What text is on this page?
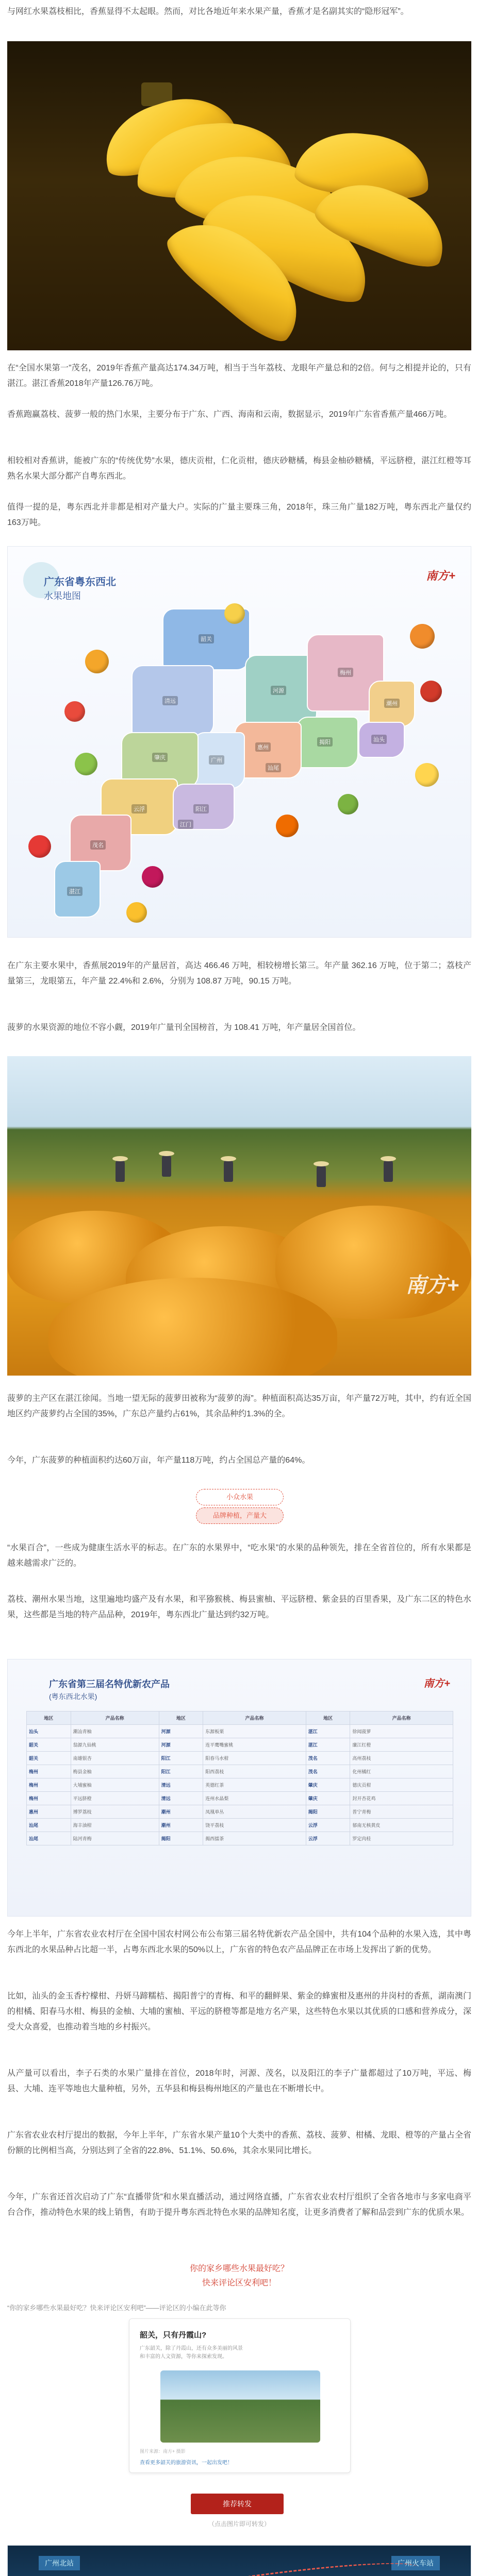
与网红水果荔枝相比，香蕉显得不太起眼。然而，对比各地近年来水果产量，香蕉才是名副其实的“隐形冠军”。

在“全国水果第一”茂名，2019年香蕉产量高达174.34万吨，相当于当年荔枝、龙眼年产量总和的2倍。何与之相提并论的，只有湛江。湛江香蕉2018年产量126.76万吨。

香蕉跑赢荔枝、菠萝一般的热门水果，主要分布于广东、广西、海南和云南，数据显示，2019年广东省香蕉产量466万吨。

相较相对香蕉讲，能被广东的“传统优势”水果，德庆贡柑，仁化贡柑，德庆砂糖橘，梅县金柚砂糖橘，平远脐橙，湛江红橙等耳熟名水果大部分都产自粤东西北。

值得一提的是，粤东西北并非都是相对产量大户。实际的广量主要珠三角，2018年，珠三角广量182万吨，粤东西北产量仅约163万吨。

广东省粤东西北
水果地图
南方+
韶关
清远
河源
梅州
潮州
汕头
揭阳
汕尾
惠州
广州
肇庆
云浮
茂名
阳江
湛江
江门

在广东主要水果中，香蕉展2019年的产量居首，高达 466.46 万吨，相较榜增长第三。年产量 362.16 万吨，位于第二；荔枝产量第三，龙眼第五，年产量 22.4%和 2.6%，分别为 108.87 万吨，90.15 万吨。

菠萝的水果资源的地位不容小觑，2019年广量刊全国榜首，为 108.41 万吨，年产量居全国首位。

南方+

菠萝的主产区在湛江徐闻。当地一望无际的菠萝田被称为“菠萝的海”。种植面积高达35万亩，年产量72万吨，其中，约有近全国地区约产菠萝约占全国的35%，广东总产量约占61%，其余品种约1.3%的全。

今年，广东菠萝的种植面积约达60万亩，年产量118万吨，约占全国总产量的64%。

小众水果
品牌种植，产量大

“水果百合”，一些成为健康生活水平的标志。在广东的水果界中，“吃水果”的水果的品种领先，排在全省首位的，所有水果都是越来越需求广泛的。

荔枝、潮州水果当地，这里遍地均盛产及有水果，和平猕猴桃、梅县蜜柚、平远脐橙、紫金县的百里香果，及广东二区的特色水果，这些都是当地的特产品品种，2019年，粤东西北广量达到约32万吨。

广东省第三届名特优新农产品
(粤东西北水果)
南方+
地区	产品名称	地区	产品名称	地区	产品名称
汕头	潮汕青柚	河源	东源板栗	湛江	徐闻菠萝
韶关	翁源九仙桃	河源	连平鹰嘴蜜桃	湛江	廉江红橙
韶关	南雄银杏	阳江	阳春马水柑	茂名	高州荔枝
梅州	梅县金柚	阳江	阳西荔枝	茂名	化州橘红
梅州	大埔蜜柚	清远	英德红茶	肇庆	德庆贡柑
梅州	平远脐橙	清远	连州水晶梨	肇庆	封开杏花鸡
惠州	博罗荔枝	潮州	凤凰单丛	揭阳	普宁青梅
汕尾	海丰油柑	潮州	饶平荔枝	云浮	郁南无核黄皮
汕尾	陆河青梅	揭阳	揭西擂茶	云浮	罗定肉桂

今年上半年，广东省农业农村厅在全国中国农村网公布公布第三届名特优新农产品全国中，共有104个品种的水果入选，其中粤东西北的水果品种占比超一半，占粤东西北水果的50%以上，广东省的特色农产品品牌正在市场上发挥出了新的优势。

比如，汕头的金玉香柠檬柑、丹妍马蹄糯桔、揭阳普宁的青梅、和平的翻鲜果、紫金的蜂蜜柑及惠州的井岗村的香蕉，湖南澳门的柑橘、阳春马水柑、梅县的金柚、大埔的蜜柚、平远的脐橙等都是地方名产果，这些特色水果以其优质的口感和营养成分，深受大众喜爱，也推动着当地的乡村振兴。

从产量可以看出，李子石类的水果广量排在首位，2018年时，河源、茂名，以及阳江的李子广量都超过了10万吨，平远、梅县、大埔、连平等地也大量种植，另外，五华县和梅县梅州地区的产量也在不断增长中。

广东省农业农村厅提出的数据，今年上半年，广东省水果产量10个大类中的香蕉、荔枝、菠萝、柑橘、龙眼、橙等的产量占全省份额的比例相当高，分别达到了全省的22.8%、51.1%、50.6%，其余水果同比增长。

今年，广东省还首次启动了广东“直播带货”和水果直播活动，通过网络直播，广东省农业农村厅组织了全省各地市与多家电商平台合作，推动特色水果的线上销售，有助于提升粤东西北特色水果的品牌知名度，让更多消费者了解和品尝到广东的优质水果。

你的家乡哪些水果最好吃？
快来评论区安利吧！

“你的家乡哪些水果最好吃？快来评论区安利吧”——评论区的小编在此等你

韶关，只有丹霞山?
广东韶关，除了丹霞山，还有众多美丽的风景
和丰富的人文资源，等你来探索发现。
图片来源：南方+ 摄影
查看更多韶关的旅游资讯，一起出发吧！
推荐转发
（点击图片即可转发）
广州北站	广州火车站
